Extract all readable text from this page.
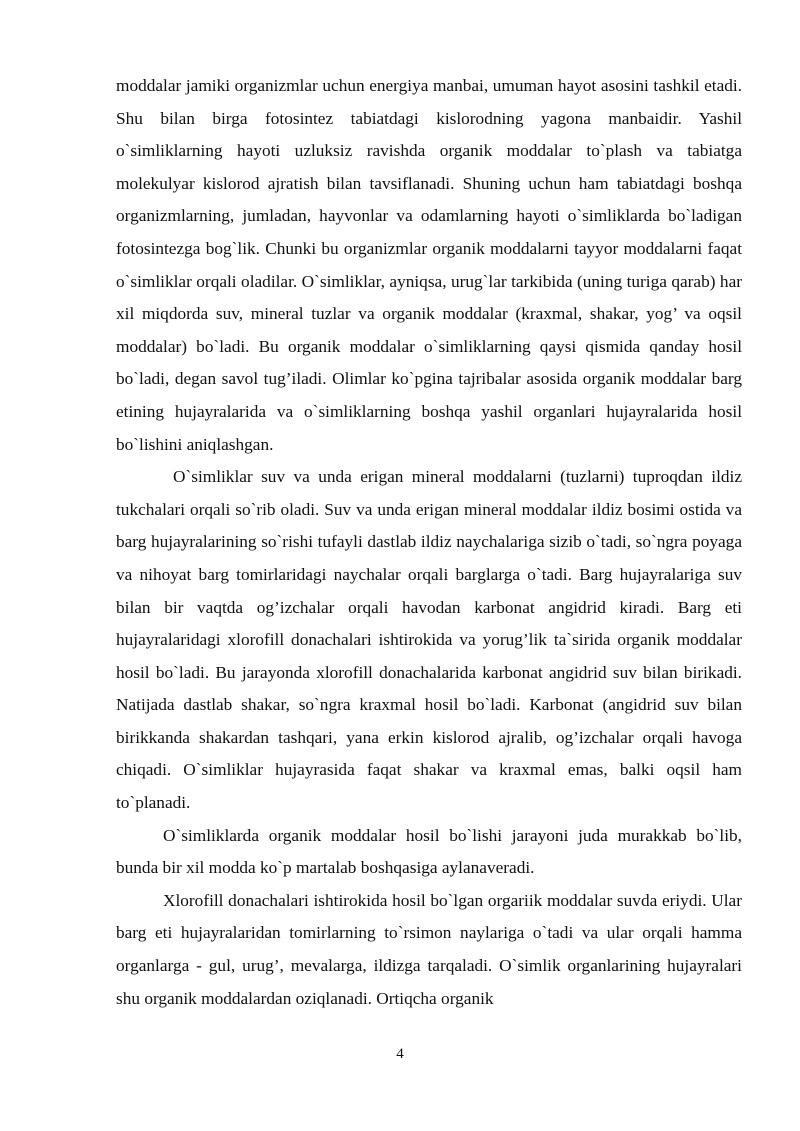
moddalar jamiki organizmlar uchun energiya manbai, umuman hayot asosini tashkil etadi. Shu bilan birga fotosintez tabiatdagi kislorodning yagona manbaidir. Yashil o`simliklarning hayoti uzluksiz ravishda organik moddalar to`plash va tabiatga molekulyar kislorod ajratish bilan tavsiflanadi. Shuning uchun ham tabiatdagi boshqa organizmlarning, jumladan, hayvonlar va odamlarning hayoti o`simliklarda bo`ladigan fotosintezga bog`lik. Chunki bu organizmlar organik moddalarni tayyor moddalarni faqat o`simliklar orqali oladilar. O`simliklar, ayniqsa, urug`lar tarkibida (uning turiga qarab) har xil miqdorda suv, mineral tuzlar va organik moddalar (kraxmal, shakar, yog’ va oqsil moddalar) bo`ladi. Bu organik moddalar o`simliklarning qaysi qismida qanday hosil bo`ladi, degan savol tug’iladi. Olimlar ko`pgina tajribalar asosida organik moddalar barg etining hujayralarida va o`simliklarning boshqa yashil organlari hujayralarida hosil bo`lishini aniqlashgan.

O`simliklar suv va unda erigan mineral moddalarni (tuzlarni) tuproqdan ildiz tukchalari orqali so`rib oladi. Suv va unda erigan mineral moddalar ildiz bosimi ostida va barg hujayralarining so`rishi tufayli dastlab ildiz naychalariga sizib o`tadi, so`ngra poyaga va nihoyat barg tomirlaridagi naychalar orqali barglarga o`tadi. Barg hujayralariga suv bilan bir vaqtda og’izchalar orqali havodan karbonat angidrid kiradi. Barg eti hujayralaridagi xlorofill donachalari ishtirokida va yorug’lik ta`sirida organik moddalar hosil bo`ladi. Bu jarayonda xlorofill donachalarida karbonat angidrid suv bilan birikadi. Natijada dastlab shakar, so`ngra kraxmal hosil bo`ladi. Karbonat (angidrid suv bilan birikkanda shakardan tashqari, yana erkin kislorod ajralib, og’izchalar orqali havoga chiqadi. O`simliklar hujayrasida faqat shakar va kraxmal emas, balki oqsil ham to`planadi.

O`simliklarda organik moddalar hosil bo`lishi jarayoni juda murakkab bo`lib, bunda bir xil modda ko`p martalab boshqasiga aylanaveradi.

Xlorofill donachalari ishtirokida hosil bo`lgan orgariik moddalar suvda eriydi. Ular barg eti hujayralaridan tomirlarning to`rsimon naylariga o`tadi va ular orqali hamma organlarga - gul, urug’, mevalarga, ildizga tarqaladi. O`simlik organlarining hujayralari shu organik moddalardan oziqlanadi. Ortiqcha organik

4
